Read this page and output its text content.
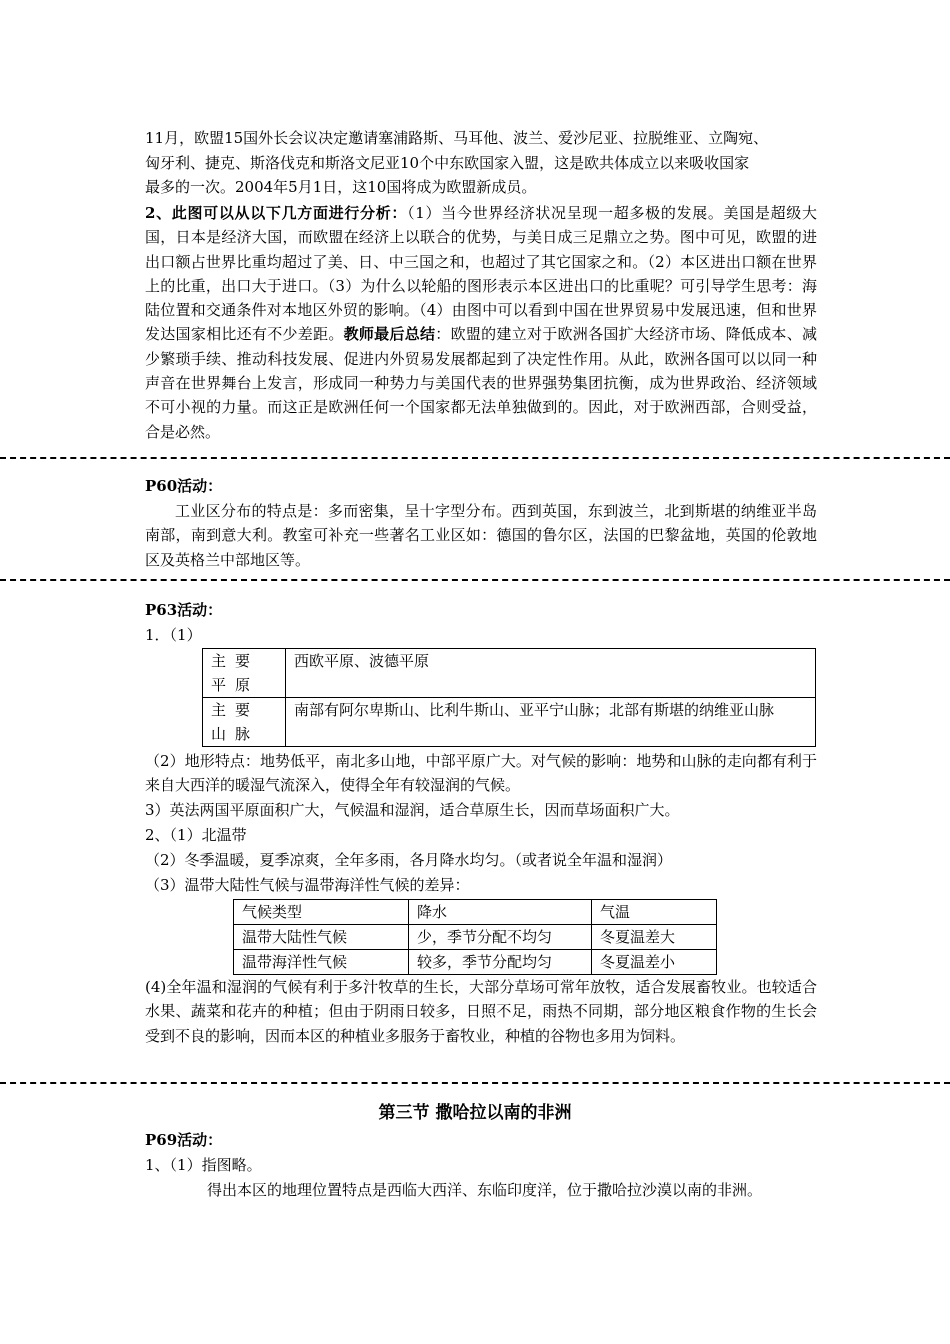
11月，欧盟15国外长会议决定邀请塞浦路斯、马耳他、波兰、爱沙尼亚、拉脱维亚、立陶宛、
匈牙利、捷克、斯洛伐克和斯洛文尼亚10个中东欧国家入盟，这是欧共体成立以来吸收国家
最多的一次。2004年5月1日，这10国将成为欧盟新成员。
2、此图可以从以下几方面进行分析：（1）当今世界经济状况呈现一超多极的发展。美国是超级大国，日本是经济大国，而欧盟在经济上以联合的优势，与美日成三足鼎立之势。图中可见，欧盟的进出口额占世界比重均超过了美、日、中三国之和，也超过了其它国家之和。（2）本区进出口额在世界上的比重，出口大于进口。（3）为什么以轮船的图形表示本区进出口的比重呢？可引导学生思考：海陆位置和交通条件对本地区外贸的影响。（4）由图中可以看到中国在世界贸易中发展迅速，但和世界发达国家相比还有不少差距。教师最后总结：欧盟的建立对于欧洲各国扩大经济市场、降低成本、减少繁琐手续、推动科技发展、促进内外贸易发展都起到了决定性作用。从此，欧洲各国可以以同一种声音在世界舞台上发言，形成同一种势力与美国代表的世界强势集团抗衡，成为世界政治、经济领域不可小视的力量。而这正是欧洲任何一个国家都无法单独做到的。因此，对于欧洲西部，合则受益，合是必然。
P60活动：
工业区分布的特点是：多而密集，呈十字型分布。西到英国，东到波兰，北到斯堪的纳维亚半岛南部，南到意大利。教室可补充一些著名工业区如：德国的鲁尔区，法国的巴黎盆地，英国的伦敦地区及英格兰中部地区等。
P63活动：
1．（1）
主要平原	西欧平原、波德平原
主要山脉	南部有阿尔卑斯山、比利牛斯山、亚平宁山脉；北部有斯堪的纳维亚山脉
（2）地形特点：地势低平，南北多山地，中部平原广大。对气候的影响：地势和山脉的走向都有利于来自大西洋的暖湿气流深入，使得全年有较湿润的气候。
3）英法两国平原面积广大，气候温和湿润，适合草原生长，因而草场面积广大。
2、（1）北温带
（2）冬季温暖，夏季凉爽，全年多雨，各月降水均匀。（或者说全年温和湿润）
（3）温带大陆性气候与温带海洋性气候的差异：
气候类型	降水	气温
温带大陆性气候	少，季节分配不均匀	冬夏温差大
温带海洋性气候	较多，季节分配均匀	冬夏温差小
(4)全年温和湿润的气候有利于多汁牧草的生长，大部分草场可常年放牧，适合发展畜牧业。也较适合水果、蔬菜和花卉的种植；但由于阴雨日较多，日照不足，雨热不同期，部分地区粮食作物的生长会受到不良的影响，因而本区的种植业多服务于畜牧业，种植的谷物也多用为饲料。
第三节 撒哈拉以南的非洲
P69活动：
1、（1）指图略。
得出本区的地理位置特点是西临大西洋、东临印度洋，位于撒哈拉沙漠以南的非洲。
